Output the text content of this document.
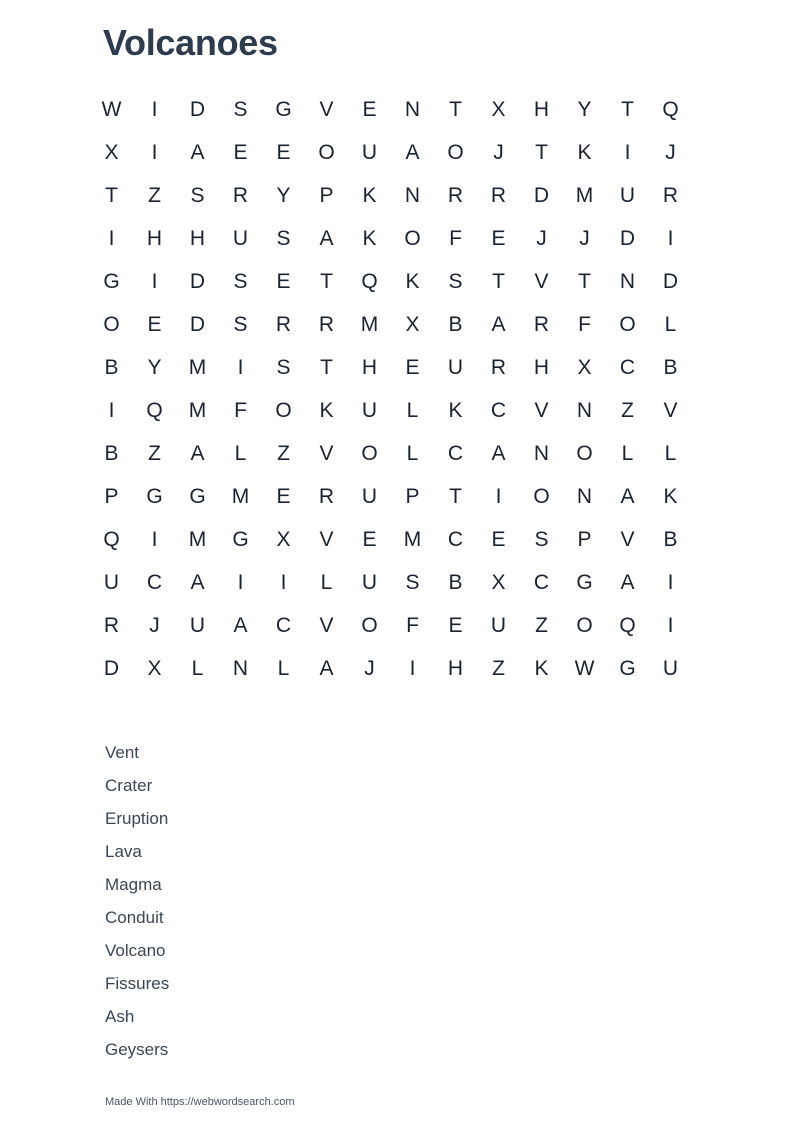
Volcanoes
W	I	D	S	G	V	E	N	T	X	H	Y	T	Q
X	I	A	E	E	O	U	A	O	J	T	K	I	J
T	Z	S	R	Y	P	K	N	R	R	D	M	U	R
I	H	H	U	S	A	K	O	F	E	J	J	D	I
G	I	D	S	E	T	Q	K	S	T	V	T	N	D
O	E	D	S	R	R	M	X	B	A	R	F	O	L
B	Y	M	I	S	T	H	E	U	R	H	X	C	B
I	Q	M	F	O	K	U	L	K	C	V	N	Z	V
B	Z	A	L	Z	V	O	L	C	A	N	O	L	L
P	G	G	M	E	R	U	P	T	I	O	N	A	K
Q	I	M	G	X	V	E	M	C	E	S	P	V	B
U	C	A	I	I	L	U	S	B	X	C	G	A	I
R	J	U	A	C	V	O	F	E	U	Z	O	Q	I
D	X	L	N	L	A	J	I	H	Z	K	W	G	U
Vent
Crater
Eruption
Lava
Magma
Conduit
Volcano
Fissures
Ash
Geysers
Made With https://webwordsearch.com
